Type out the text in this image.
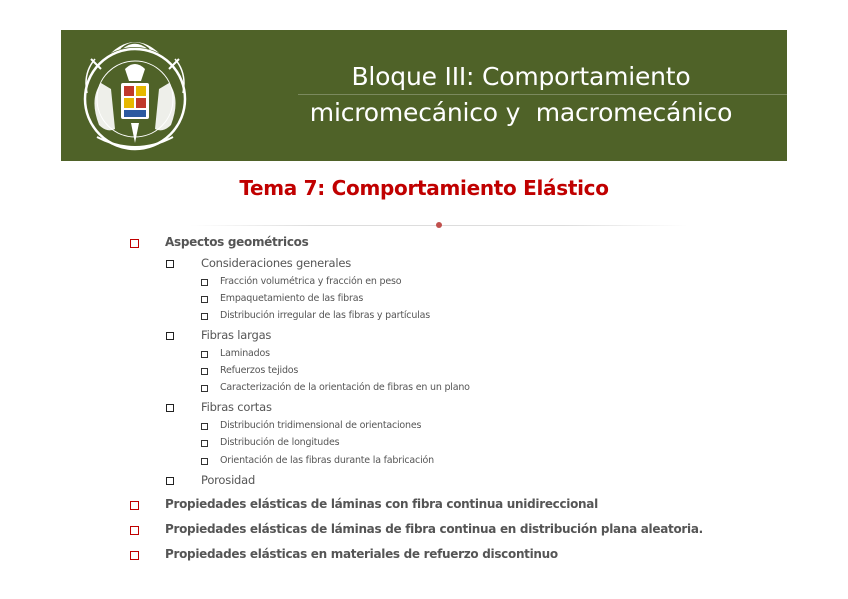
Bloque III: Comportamiento
micromecánico y  macromecánico
Tema 7: Comportamiento Elástico
Aspectos geométricos
Consideraciones generales
Fracción volumétrica y fracción en peso
Empaquetamiento de las fibras
Distribución irregular de las fibras y partículas
Fibras largas
Laminados
Refuerzos tejidos
Caracterización de la orientación de fibras en un plano
Fibras cortas
Distribución tridimensional de orientaciones
Distribución de longitudes
Orientación de las fibras durante la fabricación
Porosidad
Propiedades elásticas de láminas con fibra continua unidireccional
Propiedades elásticas de láminas de fibra continua en distribución plana aleatoria.
Propiedades elásticas en materiales de refuerzo discontinuo
